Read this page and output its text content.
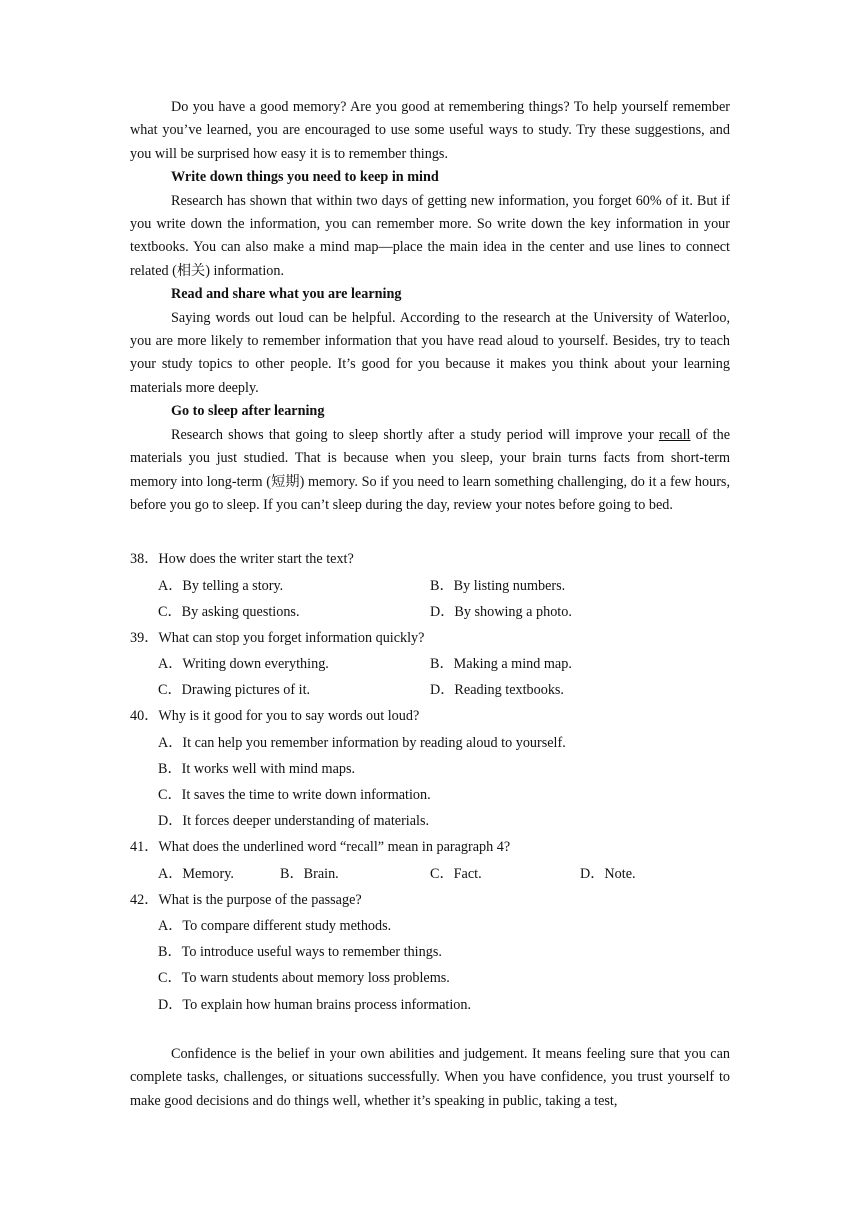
Do you have a good memory? Are you good at remembering things? To help yourself remember what you’ve learned, you are encouraged to use some useful ways to study. Try these suggestions, and you will be surprised how easy it is to remember things.

Write down things you need to keep in mind

Research has shown that within two days of getting new information, you forget 60% of it. But if you write down the information, you can remember more. So write down the key information in your textbooks. You can also make a mind map—place the main idea in the center and use lines to connect related (相关) information.

Read and share what you are learning

Saying words out loud can be helpful. According to the research at the University of Waterloo, you are more likely to remember information that you have read aloud to yourself. Besides, try to teach your study topics to other people. It’s good for you because it makes you think about your learning materials more deeply.

Go to sleep after learning

Research shows that going to sleep shortly after a study period will improve your recall of the materials you just studied. That is because when you sleep, your brain turns facts from short-term memory into long-term (短期) memory. So if you need to learn something challenging, do it a few hours, before you go to sleep. If you can’t sleep during the day, review your notes before going to bed.

38．How does the writer start the text?
A．By telling a story.	B．By listing numbers.
C．By asking questions.	D．By showing a photo.
39．What can stop you forget information quickly?
A．Writing down everything.	B．Making a mind map.
C．Drawing pictures of it.	D．Reading textbooks.
40．Why is it good for you to say words out loud?
A．It can help you remember information by reading aloud to yourself.
B．It works well with mind maps.
C．It saves the time to write down information.
D．It forces deeper understanding of materials.
41．What does the underlined word “recall” mean in paragraph 4?
A．Memory.	B．Brain.	C．Fact.	D．Note.
42．What is the purpose of the passage?
A．To compare different study methods.
B．To introduce useful ways to remember things.
C．To warn students about memory loss problems.
D．To explain how human brains process information.

Confidence is the belief in your own abilities and judgement. It means feeling sure that you can complete tasks, challenges, or situations successfully. When you have confidence, you trust yourself to make good decisions and do things well, whether it’s speaking in public, taking a test,
